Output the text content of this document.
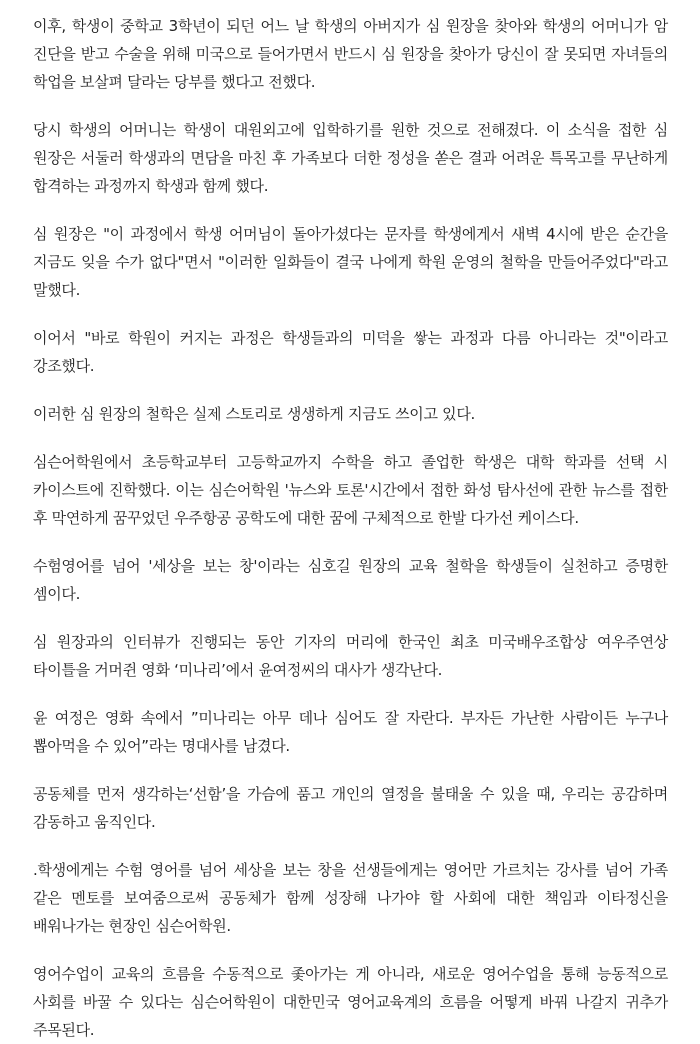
이후, 학생이 중학교 3학년이 되던 어느 날 학생의 아버지가 심 원장을 찾아와 학생의 어머니가 암 진단을 받고 수술을 위해 미국으로 들어가면서 반드시 심 원장을 찾아가 당신이 잘 못되면 자녀들의 학업을 보살펴 달라는 당부를 했다고 전했다.

당시 학생의 어머니는 학생이 대원외고에 입학하기를 원한 것으로 전해졌다. 이 소식을 접한 심 원장은 서둘러 학생과의 면담을 마친 후 가족보다 더한 정성을 쏟은 결과 어려운 특목고를 무난하게 합격하는 과정까지 학생과 함께 했다.

심 원장은 "이 과정에서 학생 어머님이 돌아가셨다는 문자를 학생에게서 새벽 4시에 받은 순간을 지금도 잊을 수가 없다"면서 "이러한 일화들이 결국 나에게 학원 운영의 철학을 만들어주었다"라고 말했다.

이어서 "바로 학원이 커지는 과정은 학생들과의 미덕을 쌓는 과정과 다름 아니라는 것"이라고 강조했다.

이러한 심 원장의 철학은 실제 스토리로 생생하게 지금도 쓰이고 있다.

심슨어학원에서 초등학교부터 고등학교까지 수학을 하고 졸업한 학생은 대학 학과를 선택 시 카이스트에 진학했다. 이는 심슨어학원 '뉴스와 토론'시간에서 접한 화성 탐사선에 관한 뉴스를 접한 후 막연하게 꿈꾸었던 우주항공 공학도에 대한 꿈에 구체적으로 한발 다가선 케이스다.

수험영어를 넘어 '세상을 보는 창'이라는 심호길 원장의 교육 철학을 학생들이 실천하고 증명한 셈이다.

심 원장과의 인터뷰가 진행되는 동안 기자의 머리에 한국인 최초 미국배우조합상 여우주연상 타이틀을 거머쥔 영화 ‘미나리’에서 윤여정씨의 대사가 생각난다.

윤 여정은 영화 속에서 ”미나리는 아무 데나 심어도 잘 자란다. 부자든 가난한 사람이든 누구나 뽑아먹을 수 있어”라는 명대사를 남겼다.

공동체를 먼저 생각하는‘선함’을 가슴에 품고 개인의 열정을 불태울 수 있을 때, 우리는 공감하며 감동하고 움직인다.

.학생에게는 수험 영어를 넘어 세상을 보는 창을 선생들에게는 영어만 가르치는 강사를 넘어 가족 같은 멘토를 보여줌으로써 공동체가 함께 성장해 나가야 할 사회에 대한 책임과 이타정신을 배워나가는 현장인 심슨어학원.

영어수업이 교육의 흐름을 수동적으로 좇아가는 게 아니라, 새로운 영어수업을 통해 능동적으로 사회를 바꿀 수 있다는 심슨어학원이 대한민국 영어교육계의 흐름을 어떻게 바꿔 나갈지 귀추가 주목된다.
